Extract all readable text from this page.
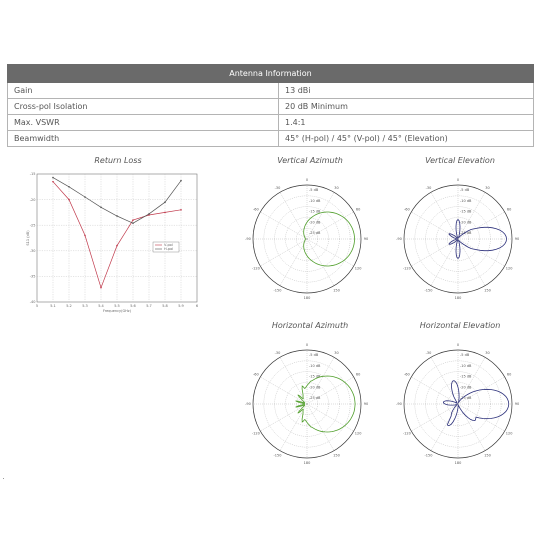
Antenna Information	
Gain	13 dBi
Cross-pol Isolation	20 dB Minimum
Max. VSWR	1.4:1
Beamwidth	45° (H-pol) / 45° (V-pol) / 45° (Elevation)
Return Loss	Vertical Azimuth	Vertical Elevation
Horizontal Azimuth	Horizontal Elevation
5	5.1	5.2	5.3	5.4	5.5	5.6	5.7	5.8	5.9	6
-15
-20
-25
-30
-35
-40
Frequency(GHz)
S11 (dB)	V-pol
H-pol
0
30
60
90
120
150
180
-150
-120
-90
-60
-30	-5 dB
-10 dB
-15 dB
-20 dB
-25 dB
0
30
60
90
120
150
180
-150
-120
-90
-60
-30	-5 dB
-10 dB
-15 dB
-20 dB
-25 dB
0
30
60
90
120
150
180
-150
-120
-90
-60
-30	-5 dB
-10 dB
-15 dB
-20 dB
-25 dB
0
30
60
90
120
150
180
-150
-120
-90
-60
-30	-5 dB
-10 dB
-15 dB
-20 dB
-25 dB
